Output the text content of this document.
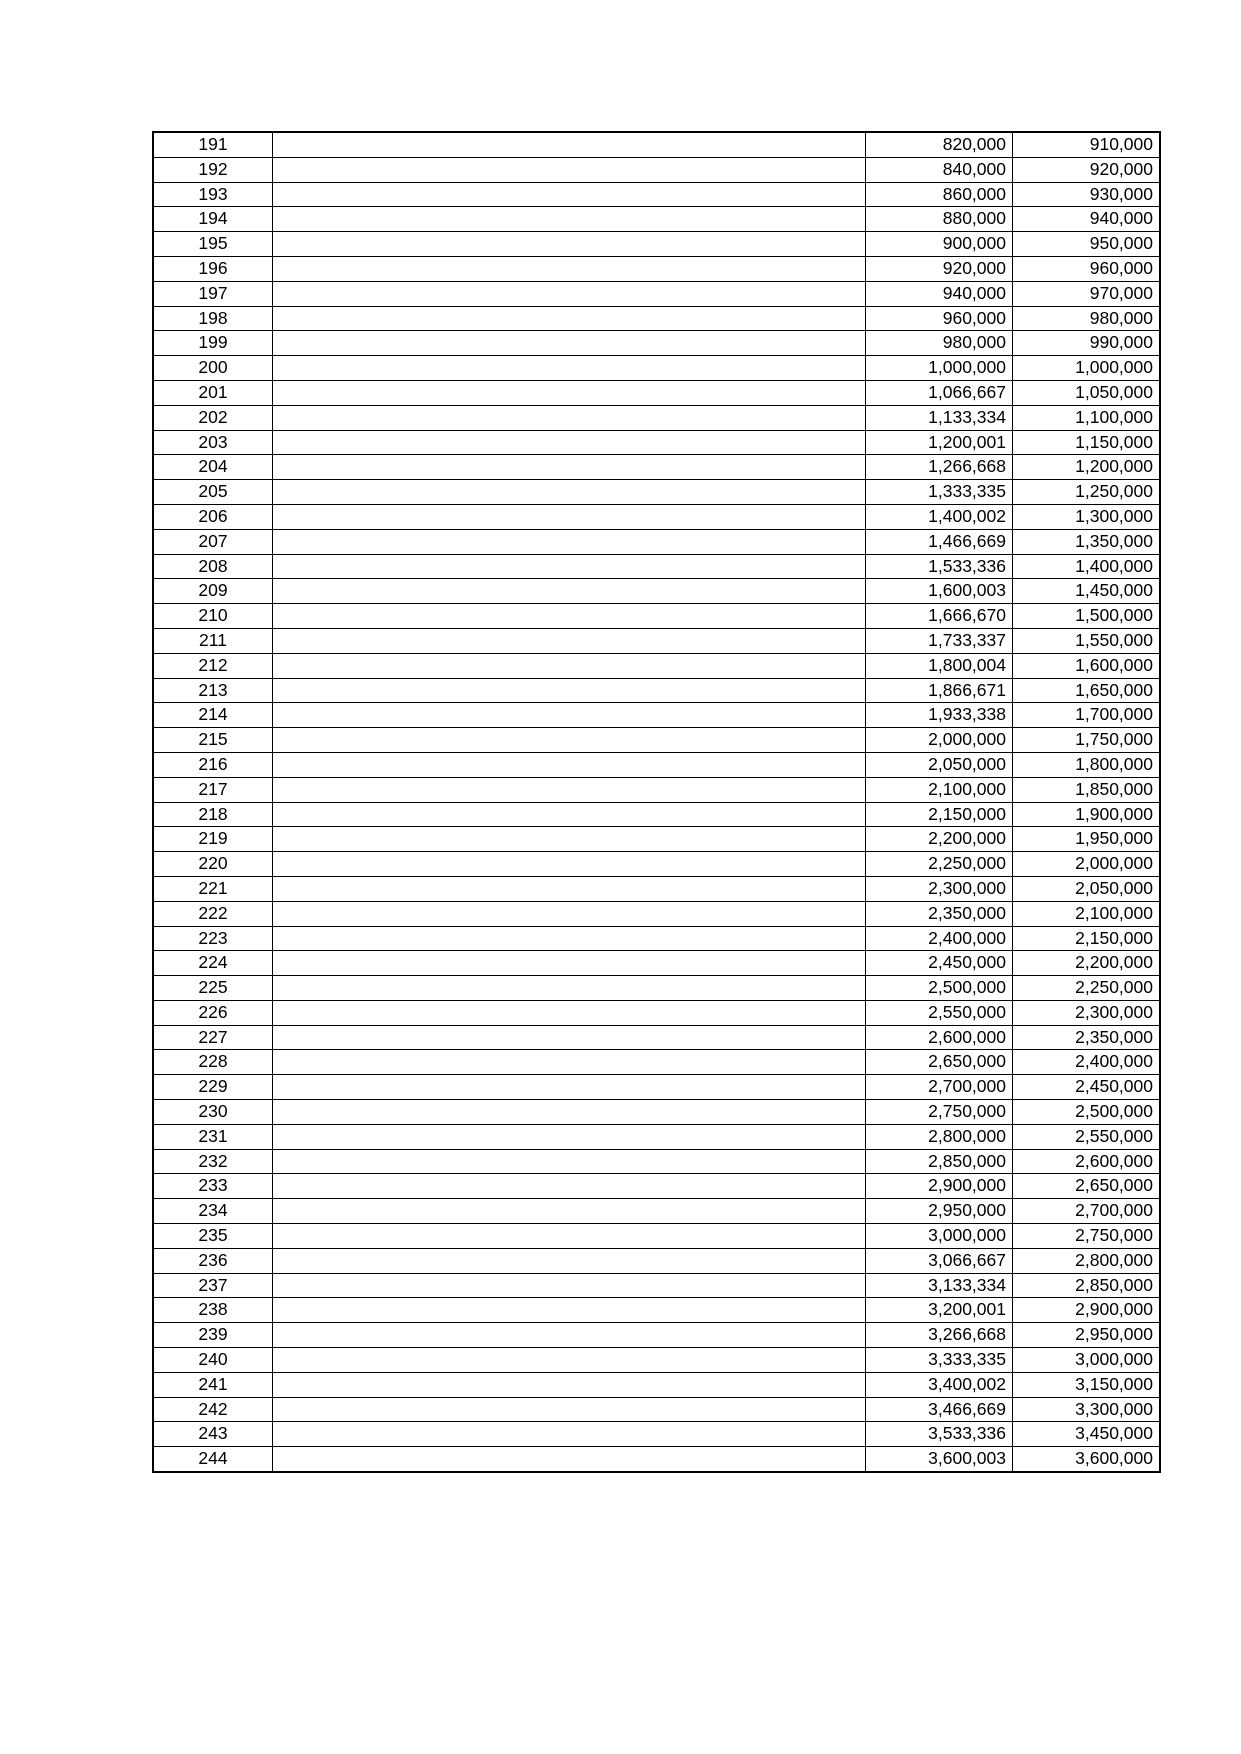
191		820,000	910,000
192		840,000	920,000
193		860,000	930,000
194		880,000	940,000
195		900,000	950,000
196		920,000	960,000
197		940,000	970,000
198		960,000	980,000
199		980,000	990,000
200		1,000,000	1,000,000
201		1,066,667	1,050,000
202		1,133,334	1,100,000
203		1,200,001	1,150,000
204		1,266,668	1,200,000
205		1,333,335	1,250,000
206		1,400,002	1,300,000
207		1,466,669	1,350,000
208		1,533,336	1,400,000
209		1,600,003	1,450,000
210		1,666,670	1,500,000
211		1,733,337	1,550,000
212		1,800,004	1,600,000
213		1,866,671	1,650,000
214		1,933,338	1,700,000
215		2,000,000	1,750,000
216		2,050,000	1,800,000
217		2,100,000	1,850,000
218		2,150,000	1,900,000
219		2,200,000	1,950,000
220		2,250,000	2,000,000
221		2,300,000	2,050,000
222		2,350,000	2,100,000
223		2,400,000	2,150,000
224		2,450,000	2,200,000
225		2,500,000	2,250,000
226		2,550,000	2,300,000
227		2,600,000	2,350,000
228		2,650,000	2,400,000
229		2,700,000	2,450,000
230		2,750,000	2,500,000
231		2,800,000	2,550,000
232		2,850,000	2,600,000
233		2,900,000	2,650,000
234		2,950,000	2,700,000
235		3,000,000	2,750,000
236		3,066,667	2,800,000
237		3,133,334	2,850,000
238		3,200,001	2,900,000
239		3,266,668	2,950,000
240		3,333,335	3,000,000
241		3,400,002	3,150,000
242		3,466,669	3,300,000
243		3,533,336	3,450,000
244		3,600,003	3,600,000
